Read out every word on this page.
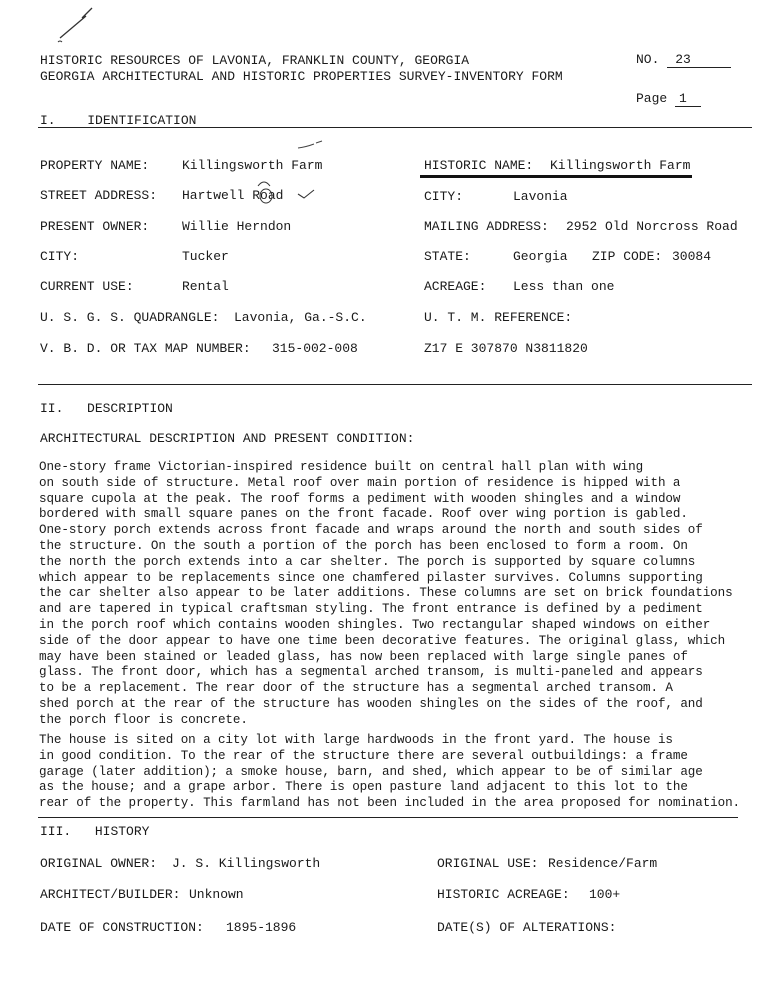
HISTORIC RESOURCES OF LAVONIA, FRANKLIN COUNTY, GEORGIA
GEORGIA ARCHITECTURAL AND HISTORIC PROPERTIES SURVEY-INVENTORY FORM
NO. 23
Page 1
I. IDENTIFICATION
PROPERTY NAME:	Killingsworth Farm
STREET ADDRESS: Hartwell Road
PRESENT OWNER:	Willie Herndon
CITY:	Tucker
CURRENT USE:	Rental
U. S. G. S. QUADRANGLE: Lavonia, Ga.-S.C.
V. B. D. OR TAX MAP NUMBER: 315-002-008
HISTORIC NAME: Killingsworth Farm
CITY:	Lavonia
MAILING ADDRESS: 2952 Old Norcross Road
STATE:	Georgia ZIP CODE: 30084
ACREAGE: Less than one
U. T. M. REFERENCE:
Z17 E 307870 N3811820
II. DESCRIPTION
ARCHITECTURAL DESCRIPTION AND PRESENT CONDITION:
One-story frame Victorian-inspired residence built on central hall plan with wing
on south side of structure. Metal roof over main portion of residence is hipped with a
square cupola at the peak. The roof forms a pediment with wooden shingles and a window
bordered with small square panes on the front facade. Roof over wing portion is gabled.
One-story porch extends across front facade and wraps around the north and south sides of
the structure. On the south a portion of the porch has been enclosed to form a room. On
the north the porch extends into a car shelter. The porch is supported by square columns
which appear to be replacements since one chamfered pilaster survives. Columns supporting
the car shelter also appear to be later additions. These columns are set on brick foundations
and are tapered in typical craftsman styling. The front entrance is defined by a pediment
in the porch roof which contains wooden shingles. Two rectangular shaped windows on either
side of the door appear to have one time been decorative features. The original glass, which
may have been stained or leaded glass, has now been replaced with large single panes of
glass. The front door, which has a segmental arched transom, is multi-paneled and appears
to be a replacement. The rear door of the structure has a segmental arched transom. A
shed porch at the rear of the structure has wooden shingles on the sides of the roof, and
the porch floor is concrete.
The house is sited on a city lot with large hardwoods in the front yard. The house is
in good condition. To the rear of the structure there are several outbuildings: a frame
garage (later addition); a smoke house, barn, and shed, which appear to be of similar age
as the house; and a grape arbor. There is open pasture land adjacent to this lot to the
rear of the property. This farmland has not been included in the area proposed for nomination.
III. HISTORY
ORIGINAL OWNER: J. S. Killingsworth
ARCHITECT/BUILDER: Unknown
DATE OF CONSTRUCTION: 1895-1896
ORIGINAL USE: Residence/Farm
HISTORIC ACREAGE: 100+
DATE(S) OF ALTERATIONS:
